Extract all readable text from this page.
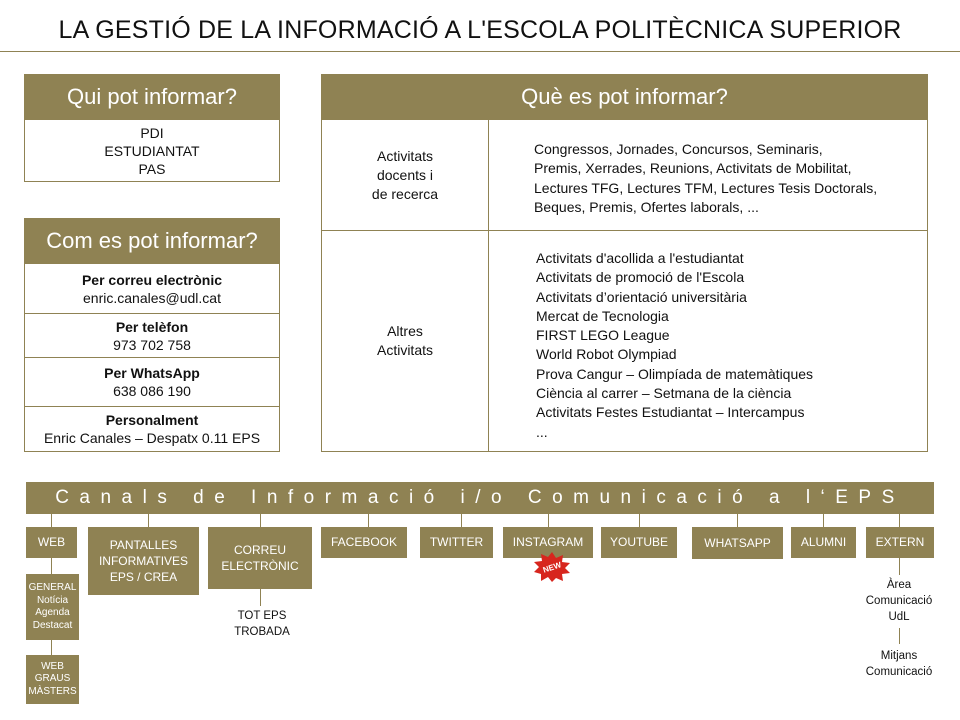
LA GESTIÓ DE LA INFORMACIÓ A L'ESCOLA POLITÈCNICA SUPERIOR
Qui pot informar?
PDI
ESTUDIANTAT
PAS
Com es pot informar?
Per correu electrònic
enric.canales@udl.cat
Per telèfon
973 702 758
Per WhatsApp
638 086 190
Personalment
Enric Canales – Despatx 0.11 EPS
Què es pot informar?
Activitats
docents i
de recerca
Congressos, Jornades, Concursos, Seminaris,
Premis, Xerrades, Reunions, Activitats de Mobilitat,
Lectures TFG, Lectures TFM, Lectures Tesis Doctorals,
Beques, Premis, Ofertes laborals, ...
Altres
Activitats
Activitats d'acollida a l'estudiantat
Activitats de promoció de l'Escola
Activitats d’orientació universitària
Mercat de Tecnologia
FIRST LEGO League
World Robot Olympiad
Prova Cangur – Olimpíada de matemàtiques
Ciència al carrer – Setmana de la ciència
Activitats Festes Estudiantat – Intercampus
...
Canals de Informació i/o Comunicació a l‘EPS
WEB
GENERAL
Notícia
Agenda
Destacat
WEB
GRAUS
MÀSTERS
PANTALLES
INFORMATIVES
EPS / CREA
CORREU
ELECTRÒNIC
TOT EPS
TROBADA
FACEBOOK	TWITTER INSTAGRAM
NEW
YOUTUBE	WHATSAPP	ALUMNI EXTERN
Àrea
Comunicació
UdL
Mitjans
Comunicació
